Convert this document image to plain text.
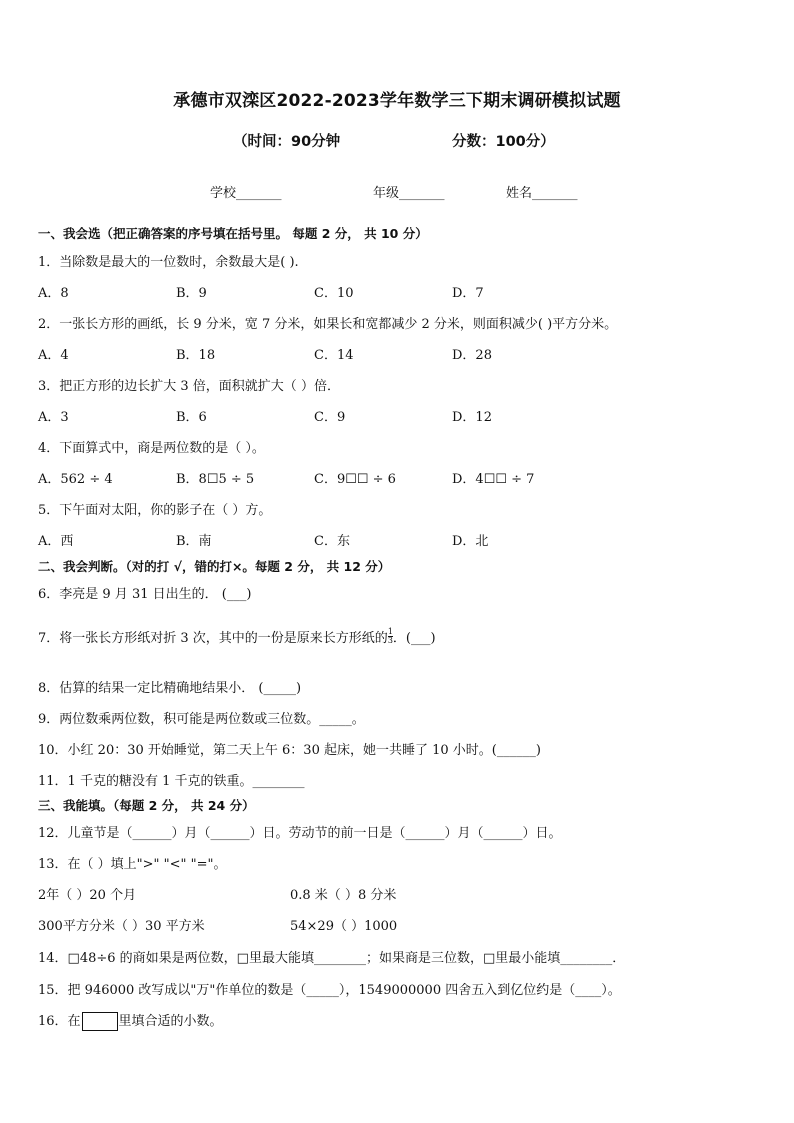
承德市双滦区2022-2023学年数学三下期末调研模拟试题
（时间：90分钟	分数：100分）
学校_______	年级_______	姓名_______
一、我会选（把正确答案的序号填在括号里。 每题 2 分， 共 10 分）
1．当除数是最大的一位数时，余数最大是( ).
A．8	B．9	C．10	D．7
2．一张长方形的画纸，长 9 分米，宽 7 分米，如果长和宽都减少 2 分米，则面积减少( )平方分米。
A．4	B．18	C．14	D．28
3．把正方形的边长扩大 3 倍，面积就扩大（ ）倍．
A．3	B．6	C．9	D．12
4．下面算式中，商是两位数的是（ ）。
A．562 ÷ 4	B．8☐5 ÷ 5	C．9☐☐ ÷ 6	D．4☐☐ ÷ 7
5．下午面对太阳，你的影子在（ ）方。
A．西	B．南	C．东	D．北
二、我会判断。（对的打 √，错的打×。每题 2 分， 共 12 分）
6．李亮是 9 月 31 日出生的． (___)
7．将一张长方形纸对折 3 次，其中的一份是原来长方形纸的 $\frac{1}{3}$ ．(___)
8．估算的结果一定比精确地结果小． (_____)
9．两位数乘两位数，积可能是两位数或三位数。_____。
10．小红 20：30 开始睡觉，第二天上午 6：30 起床，她一共睡了 10 小时。(______)
11．1 千克的糖没有 1 千克的铁重。________
三、我能填。（每题 2 分， 共 24 分）
12．儿童节是（______）月（______）日。劳动节的前一日是（______）月（______）日。
13．在（ ）填上">" "<" "="。
2年（ ）20 个月	0.8 米（ ）8 分米
300平方分米（ ）30 平方米	54×29（ ）1000
14．□48÷6 的商如果是两位数，□里最大能填________；如果商是三位数，□里最小能填________．
15．把 946000 改写成以"万"作单位的数是（_____），1549000000 四舍五入到亿位约是（____）。
16．在	里填合适的小数。
